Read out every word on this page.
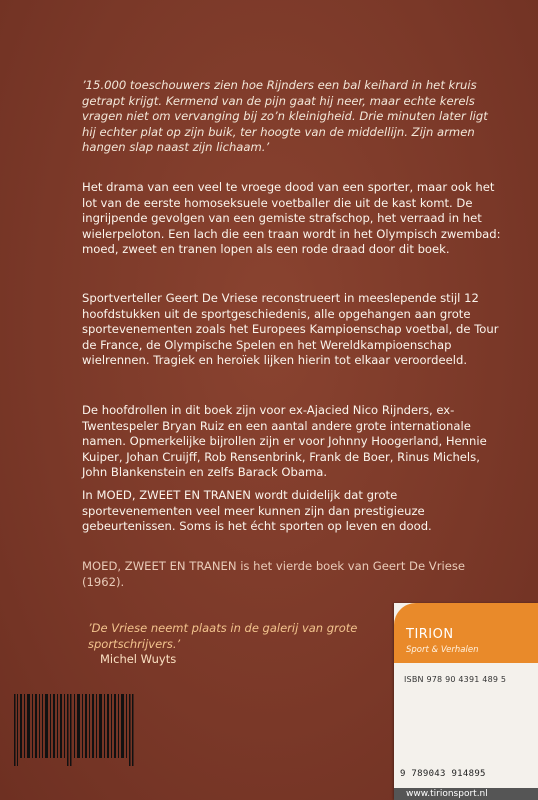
’15.000 toeschouwers zien hoe Rijnders een bal keihard in het kruis getrapt krijgt. Kermend van de pijn gaat hij neer, maar echte kerels vragen niet om vervanging bij zo’n kleinigheid. Drie minuten later ligt hij echter plat op zijn buik, ter hoogte van de middellijn. Zijn armen hangen slap naast zijn lichaam.’

Het drama van een veel te vroege dood van een sporter, maar ook het lot van de eerste homoseksuele voetballer die uit de kast komt. De ingrijpende gevolgen van een gemiste strafschop, het verraad in het wielerpeloton. Een lach die een traan wordt in het Olympisch zwembad: moed, zweet en tranen lopen als een rode draad door dit boek.

Sportverteller Geert De Vriese reconstrueert in meeslepende stijl 12 hoofdstukken uit de sportgeschiedenis, alle opgehangen aan grote sportevenementen zoals het Europees Kampioenschap voetbal, de Tour de France, de Olympische Spelen en het Wereldkampioenschap wielrennen. Tragiek en heroïek lijken hierin tot elkaar veroordeeld.

De hoofdrollen in dit boek zijn voor ex-Ajacied Nico Rijnders, ex-Twentespeler Bryan Ruiz en een aantal andere grote internationale namen. Opmerkelijke bijrollen zijn er voor Johnny Hoogerland, Hennie Kuiper, Johan Cruijff, Rob Rensenbrink, Frank de Boer, Rinus Michels, John Blankenstein en zelfs Barack Obama.

In MOED, ZWEET EN TRANEN wordt duidelijk dat grote sportevenementen veel meer kunnen zijn dan prestigieuze gebeurtenissen. Soms is het écht sporten op leven en dood.

MOED, ZWEET EN TRANEN is het vierde boek van Geert De Vriese (1962).

’De Vriese neemt plaats in de galerij van grote sportschrijvers.’
Michel Wuyts
TIRION
Sport & Verhalen
ISBN 978 90 4391 489 5
9 789043 914895
www.tirionsport.nl
